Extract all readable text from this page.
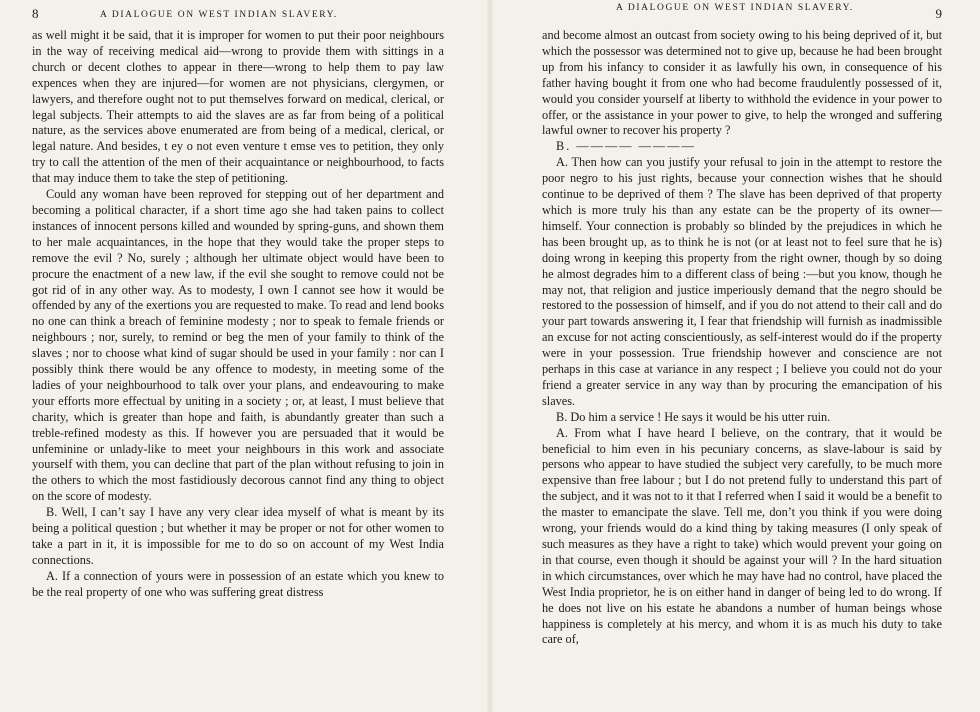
8	A DIALOGUE ON WEST INDIAN SLAVERY.

as well might it be said, that it is improper for women to put their poor neighbours in the way of receiving medical aid—wrong to provide them with sittings in a church or decent clothes to appear in there—wrong to help them to pay law expences when they are injured—for women are not physicians, clergymen, or lawyers, and therefore ought not to put themselves forward on medical, clerical, or legal subjects. Their attempts to aid the slaves are as far from being of a political nature, as the services above enumerated are from being of a medical, clerical, or legal nature. And besides, t ey o not even venture t emse ves to petition, they only try to call the attention of the men of their acquaintance or neighbourhood, to facts that may induce them to take the step of petitioning.

Could any woman have been reproved for stepping out of her department and becoming a political character, if a short time ago she had taken pains to collect instances of innocent persons killed and wounded by spring-guns, and shown them to her male acquaintances, in the hope that they would take the proper steps to remove the evil ? No, surely ; although her ultimate object would have been to procure the enactment of a new law, if the evil she sought to remove could not be got rid of in any other way. As to modesty, I own I cannot see how it would be offended by any of the exertions you are requested to make. To read and lend books no one can think a breach of feminine modesty ; nor to speak to female friends or neighbours ; nor, surely, to remind or beg the men of your family to think of the slaves ; nor to choose what kind of sugar should be used in your family : nor can I possibly think there would be any offence to modesty, in meeting some of the ladies of your neighbourhood to talk over your plans, and endeavouring to make your efforts more effectual by uniting in a society ; or, at least, I must believe that charity, which is greater than hope and faith, is abundantly greater than such a treble-refined modesty as this. If however you are persuaded that it would be unfeminine or unlady-like to meet your neighbours in this work and associate yourself with them, you can decline that part of the plan without refusing to join in the others to which the most fastidiously decorous cannot find any thing to object on the score of modesty.

B. Well, I can’t say I have any very clear idea myself of what is meant by its being a political question ; but whether it may be proper or not for other women to take a part in it, it is impossible for me to do so on account of my West India connections.

A. If a connection of yours were in possession of an estate which you knew to be the real property of one who was suffering great distress

A DIALOGUE ON WEST INDIAN SLAVERY.	9

and become almost an outcast from society owing to his being deprived of it, but which the possessor was determined not to give up, because he had been brought up from his infancy to consider it as lawfully his own, in consequence of his father having bought it from one who had become fraudulently possessed of it, would you consider yourself at liberty to withhold the evidence in your power to offer, or the assistance in your power to give, to help the wronged and suffering lawful owner to recover his property ?

B. ———— ————

A. Then how can you justify your refusal to join in the attempt to restore the poor negro to his just rights, because your connection wishes that he should continue to be deprived of them ? The slave has been deprived of that property which is more truly his than any estate can be the property of its owner—himself. Your connection is probably so blinded by the prejudices in which he has been brought up, as to think he is not (or at least not to feel sure that he is) doing wrong in keeping this property from the right owner, though by so doing he almost degrades him to a different class of being :—but you know, though he may not, that religion and justice imperiously demand that the negro should be restored to the possession of himself, and if you do not attend to their call and do your part towards answering it, I fear that friendship will furnish as inadmissible an excuse for not acting conscientiously, as self-interest would do if the property were in your possession. True friendship however and conscience are not perhaps in this case at variance in any respect ; I believe you could not do your friend a greater service in any way than by procuring the emancipation of his slaves.

B. Do him a service ! He says it would be his utter ruin.

A. From what I have heard I believe, on the contrary, that it would be beneficial to him even in his pecuniary concerns, as slave-labour is said by persons who appear to have studied the subject very carefully, to be much more expensive than free labour ; but I do not pretend fully to understand this part of the subject, and it was not to it that I referred when I said it would be a benefit to the master to emancipate the slave. Tell me, don’t you think if you were doing wrong, your friends would do a kind thing by taking measures (I only speak of such measures as they have a right to take) which would prevent your going on in that course, even though it should be against your will ? In the hard situation in which circumstances, over which he may have had no control, have placed the West India proprietor, he is on either hand in danger of being led to do wrong. If he does not live on his estate he abandons a number of human beings whose happiness is completely at his mercy, and whom it is as much his duty to take care of,
